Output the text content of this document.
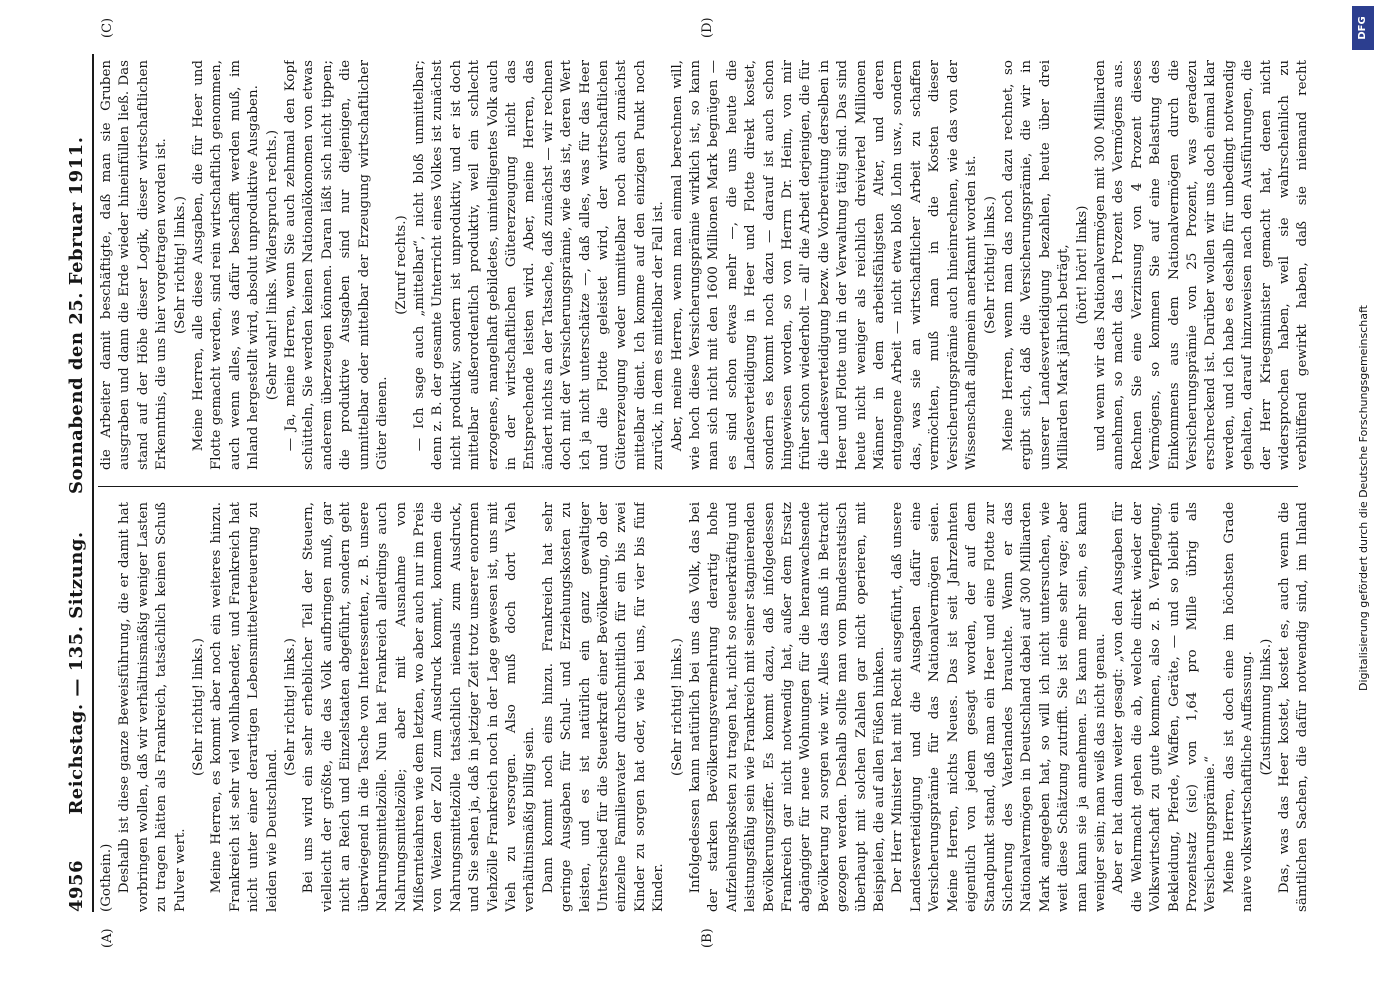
4956
Reichstag. — 135. Sitzung.
Sonnabend den 25. Februar 1911.
(A)	(B)
(C)	(D)

(Gothein.) Deshalb ist diese ganze Beweisführung, die er damit hat vorbringen wollen, daß wir verhältnismäßig weniger Lasten zu tragen hätten als Frankreich, tatsächlich keinen Schuß Pulver wert.

(Sehr richtig! links.) Meine Herren, es kommt aber noch ein weiteres hinzu. Frankreich ist sehr viel wohlhabender, und Frankreich hat nicht unter einer derartigen Lebensmittelverteuerung zu leiden wie Deutschland.

(Sehr richtig! links.) Bei uns wird ein sehr erheblicher Teil der Steuern, vielleicht der größte, die das Volk aufbringen muß, gar nicht an Reich und Einzelstaaten abgeführt, sondern geht überwiegend in die Tasche von Interessenten, z. B. unsere Nahrungsmittelzölle. Nun hat Frankreich allerdings auch Nahrungsmittelzölle; aber mit Ausnahme von Mißernteiahren wie dem letzten, wo aber auch nur im Preis von Weizen der Zoll zum Ausdruck kommt, kommen die Nahrungsmittelzölle tatsächlich niemals zum Ausdruck, und Sie sehen ja, daß in jetziger Zeit trotz unserer enormen Viehzölle Frankreich noch in der Lage gewesen ist, uns mit Vieh zu versorgen. Also muß doch dort Vieh verhältnismäßig billig sein. Dann kommt noch eins hinzu. Frankreich hat sehr geringe Ausgaben für Schul- und Erziehungskosten zu leisten, und es ist natürlich ein ganz gewaltiger Unterschied für die Steuerkraft einer Bevölkerung, ob der einzelne Familienvater durchschnittlich für ein bis zwei Kinder zu sorgen hat oder, wie bei uns, für vier bis fünf Kinder.

(Sehr richtig! links.) Infolgedessen kann natürlich bei uns das Volk, das bei der starken Bevölkerungsvermehrung derartig hohe Aufziehungskosten zu tragen hat, nicht so steuerkräftig und leistungsfähig sein wie Frankreich mit seiner stagnierenden Bevölkerungsziffer. Es kommt dazu, daß infolgedessen Frankreich gar nicht notwendig hat, außer dem Ersatz abgängiger für neue Wohnungen für die heranwachsende Bevölkerung zu sorgen wie wir. Alles das muß in Betracht gezogen werden. Deshalb sollte man vom Bundesratstisch überhaupt mit solchen Zahlen gar nicht operieren, mit Beispielen, die auf allen Füßen hinken. Der Herr Minister hat mit Recht ausgeführt, daß unsere Landesverteidigung und die Ausgaben dafür eine Versicherungsprämie für das Nationalvermögen seien. Meine Herren, nichts Neues. Das ist seit Jahrzehnten eigentlich von jedem gesagt worden, der auf dem Standpunkt stand, daß man ein Heer und eine Flotte zur Sicherung des Vaterlandes brauchte. Wenn er das Nationalvermögen in Deutschland dabei auf 300 Milliarden Mark angegeben hat, so will ich nicht untersuchen, wie weit diese Schätzung zutrifft. Sie ist eine sehr vage; aber man kann sie ja annehmen. Es kann mehr sein, es kann weniger sein; man weiß das nicht genau. Aber er hat dann weiter gesagt: „von den Ausgaben für die Wehrmacht gehen die ab, welche direkt wieder der Volkswirtschaft zu gute kommen, also z. B. Verpflegung, Bekleidung, Pferde, Waffen, Geräte, — und so bleibt ein Prozentsatz (sic) von 1,64 pro Mille übrig als Versicherungsprämie.“ Meine Herren, das ist doch eine im höchsten Grade naive volkswirtschaftliche Auffassung. (Zustimmung links.)

Das, was das Heer kostet, kostet es, auch wenn die sämtlichen Sachen, die dafür notwendig sind, im Inland

die Arbeiter damit beschäftigte, daß man sie Gruben ausgraben und dann die Erde wieder hineinfüllen ließ. Das stand auf der Höhe dieser Logik, dieser wirtschaftlichen Erkenntnis, die uns hier vorgetragen worden ist. (Sehr richtig! links.) Meine Herren, alle diese Ausgaben, die für Heer und Flotte gemacht werden, sind rein wirtschaftlich genommen, auch wenn alles, was dafür beschafft werden muß, im Inland hergestellt wird, absolut unproduktive Ausgaben. (Sehr wahr! links. Widerspruch rechts.) — Ja, meine Herren, wenn Sie auch zehnmal den Kopf schütteln, Sie werden keinen Nationalökonomen von etwas anderem überzeugen können. Daran läßt sich nicht tippen; die produktive Ausgaben sind nur diejenigen, die unmittelbar oder mittelbar der Erzeugung wirtschaftlicher Güter dienen.

(Zuruf rechts.) — Ich sage auch „mittelbar“, nicht bloß unmittelbar; denn z. B. der gesamte Unterricht eines Volkes ist zunächst nicht produktiv, sondern ist unproduktiv, und er ist doch mittelbar außerordentlich produktiv, weil ein schlecht erzogenes, mangelhaft gebildetes, unintelligentes Volk auch in der wirtschaftlichen Gütererzeugung nicht das Entsprechende leisten wird. Aber, meine Herren, das ändert nichts an der Tatsache, daß zunächst — wir rechnen doch mit der Versicherungsprämie, wie das ist, deren Wert ich ja nicht unterschätze —, daß alles, was für das Heer und die Flotte geleistet wird, der wirtschaftlichen Gütererzeugung weder unmittelbar noch auch zunächst mittelbar dient. Ich komme auf den einzigen Punkt noch zurück, in dem es mittelbar der Fall ist. Aber, meine Herren, wenn man einmal berechnen will, wie hoch diese Versicherungsprämie wirklich ist, so kann man sich nicht mit den 1600 Millionen Mark begnügen — es sind schon etwas mehr —, die uns heute die Landesverteidigung in Heer und Flotte direkt kostet, sondern es kommt noch dazu — darauf ist auch schon hingewiesen worden, so von Herrn Dr. Heim, von mir früher schon wiederholt — all' die Arbeit derjenigen, die für die Landesverteidigung bezw. die Vorbereitung derselben in Heer und Flotte und in der Verwaltung tätig sind. Das sind heute nicht weniger als reichlich dreiviertel Millionen Männer in dem arbeitsfähigsten Alter, und deren entgangene Arbeit — nicht etwa bloß Lohn usw., sondern das, was sie an wirtschaftlicher Arbeit zu schaffen vermöchten, muß man in die Kosten dieser Versicherungsprämie auch hineinrechnen, wie das von der Wissenschaft allgemein anerkannt worden ist. (Sehr richtig! links.) Meine Herren, wenn man das noch dazu rechnet, so ergibt sich, daß die Versicherungsprämie, die wir in unserer Landesverteidigung bezahlen, heute über drei Milliarden Mark jährlich beträgt, (hört! hört! links)

und wenn wir das Nationalvermögen mit 300 Milliarden annehmen, so macht das 1 Prozent des Vermögens aus. Rechnen Sie eine Verzinsung von 4 Prozent dieses Vermögens, so kommen Sie auf eine Belastung des Einkommens aus dem Nationalvermögen durch die Versicherungsprämie von 25 Prozent, was geradezu erschreckend ist. Darüber wollen wir uns doch einmal klar werden, und ich habe es deshalb für unbedingt notwendig gehalten, darauf hinzuweisen nach den Ausführungen, die der Herr Kriegsminister gemacht hat, denen nicht widersprochen haben, weil sie wahrscheinlich zu verblüffend gewirkt haben, daß sie niemand recht

Digitalisierung gefördert durch die Deutsche Forschungsgemeinschaft
DFG
